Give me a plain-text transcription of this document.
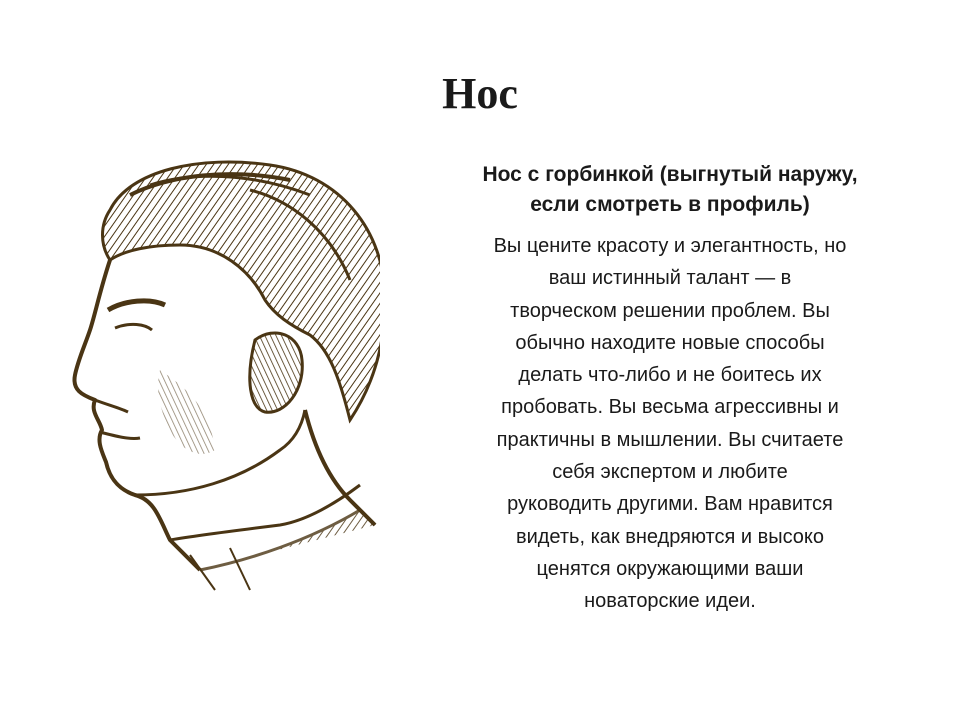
Нос

Нос с горбинкой (выгнутый наружу,
если смотреть в профиль)

Вы цените красоту и элегантность, но
ваш истинный талант — в
творческом решении проблем. Вы
обычно находите новые способы
делать что-либо и не боитесь их
пробовать. Вы весьма агрессивны и
практичны в мышлении. Вы считаете
себя экспертом и любите
руководить другими. Вам нравится
видеть, как внедряются и высоко
ценятся окружающими ваши
новаторские идеи.
